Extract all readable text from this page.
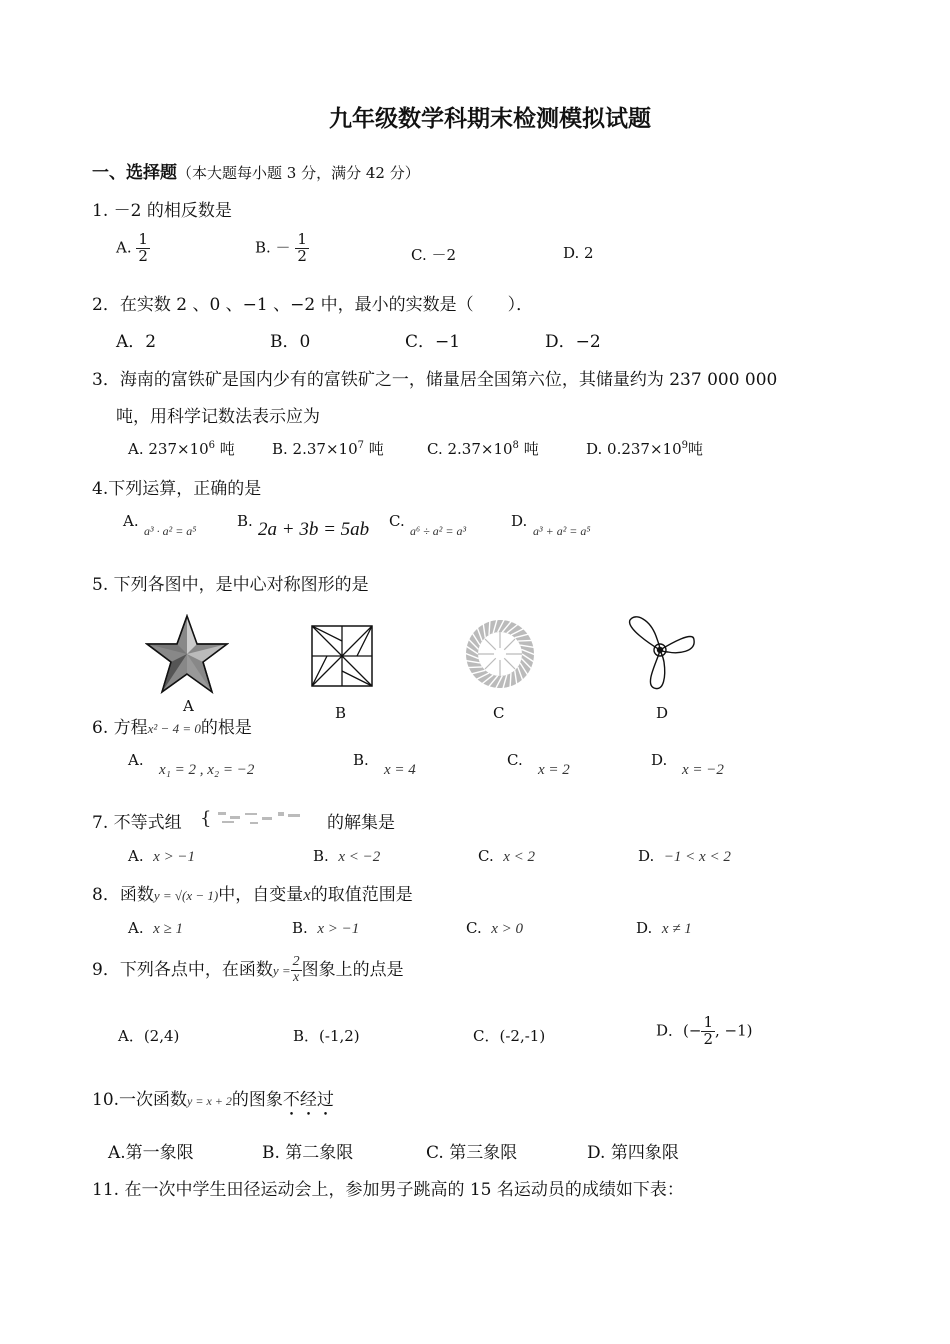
九年级数学科期末检测模拟试题
一、选择题（本大题每小题 3 分，满分 42 分）
1. －2 的相反数是
A. $\frac{1}{2}$	B. － $\frac{1}{2}$	C. －2	D. 2
2．在实数 2 、0 、−1 、−2 中，最小的实数是（　　）．
A．2	B．0	C．−1	D．−2
3．海南的富铁矿是国内少有的富铁矿之一，储量居全国第六位，其储量约为 237 000 000
吨，用科学记数法表示应为
A. $237\times 10^6$ 吨 B. $2.37\times 10^7$ 吨	C. $2.37\times 10^8$ 吨	D. $0.237\times 10^9$吨
4.下列运算，正确的是
A.
a³ · a² = a⁵
B. 2a + 3b = 5ab C.
a⁶ ÷ a² = a³
D.
a³ + a² = a⁵
5. 下列各图中，是中心对称图形的是
A	B	C	D
6. 方程x² − 4 = 0的根是
A.
x₁ = 2 , x₂ = −2
B.
x = 4
C.
x = 2
D.
x = −2
7. 不等式组 {	的解集是
A. x > −1	B. x < −2	C. x < 2	D. −1 < x < 2
8．函数y = √(x − 1)中，自变量x的取值范围是
A. x ≥ 1	B. x > −1	C. x > 0	D. x ≠ 1
9．下列各点中，在函数$y = \frac{2}{x}$ 图象上的点是
A．(2,4)	B．(-1,2)	C．(-2,-1)	D．(− $\frac{1}{2}$ , −1)
10.一次函数y = x + 2的图象不经过
A.第一象限	B. 第二象限	C. 第三象限	D. 第四象限
11. 在一次中学生田径运动会上，参加男子跳高的 15 名运动员的成绩如下表：
